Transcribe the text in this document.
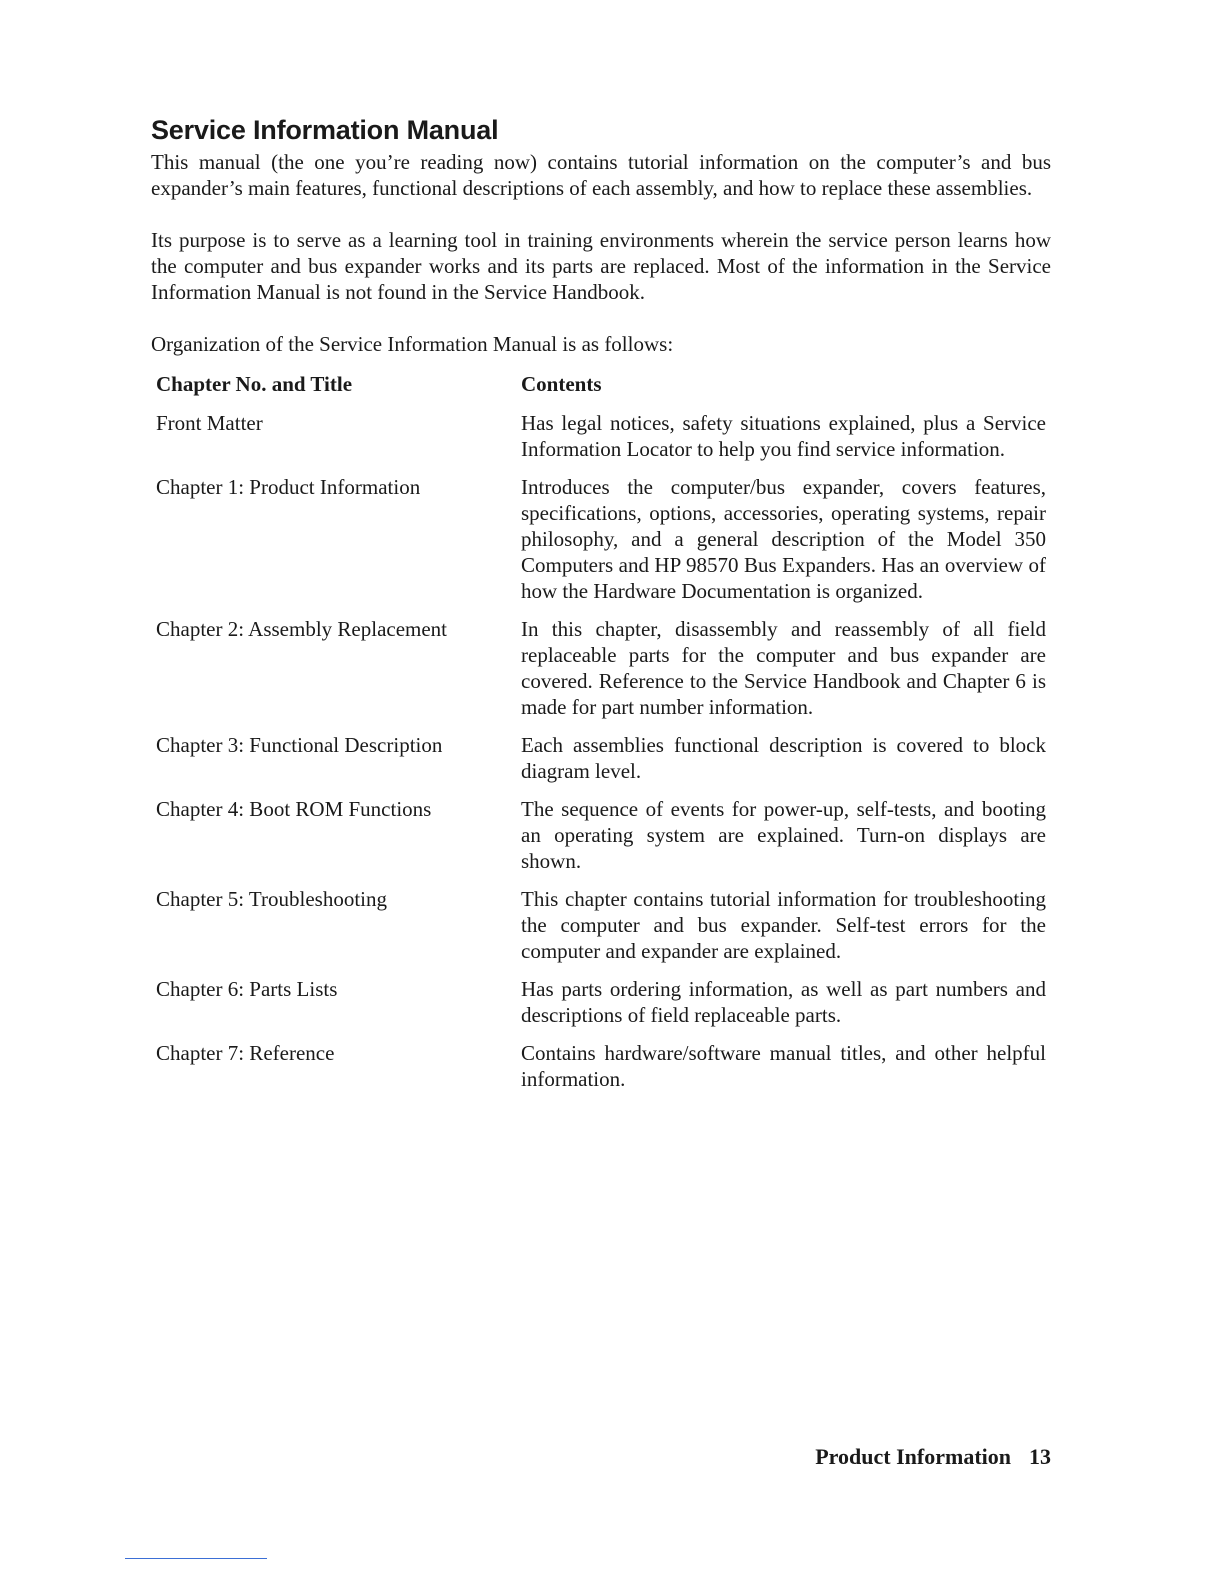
Service Information Manual

This manual (the one you’re reading now) contains tutorial information on the computer’s and bus expander’s main features, functional descriptions of each assembly, and how to replace these assemblies.

Its purpose is to serve as a learning tool in training environments wherein the service person learns how the computer and bus expander works and its parts are replaced. Most of the information in the Service Information Manual is not found in the Service Handbook.

Organization of the Service Information Manual is as follows:

Chapter No. and Title	Contents
Front Matter	Has legal notices, safety situations explained, plus a Service Information Locator to help you find service information.
Chapter 1: Product Information	Introduces the computer/bus expander, covers features, specifications, options, accessories, operating systems, repair philosophy, and a general description of the Model 350 Computers and HP 98570 Bus Expanders. Has an overview of how the Hardware Documentation is organized.
Chapter 2: Assembly Replacement	In this chapter, disassembly and reassembly of all field replaceable parts for the computer and bus expander are covered. Reference to the Service Handbook and Chapter 6 is made for part number information.
Chapter 3: Functional Description	Each assemblies functional description is covered to block diagram level.
Chapter 4: Boot ROM Functions	The sequence of events for power-up, self-tests, and booting an operating system are explained. Turn-on displays are shown.
Chapter 5: Troubleshooting	This chapter contains tutorial information for troubleshooting the computer and bus expander. Self-test errors for the computer and expander are explained.
Chapter 6: Parts Lists	Has parts ordering information, as well as part numbers and descriptions of field replaceable parts.
Chapter 7: Reference	Contains hardware/software manual titles, and other helpful information.
Product Information 13
